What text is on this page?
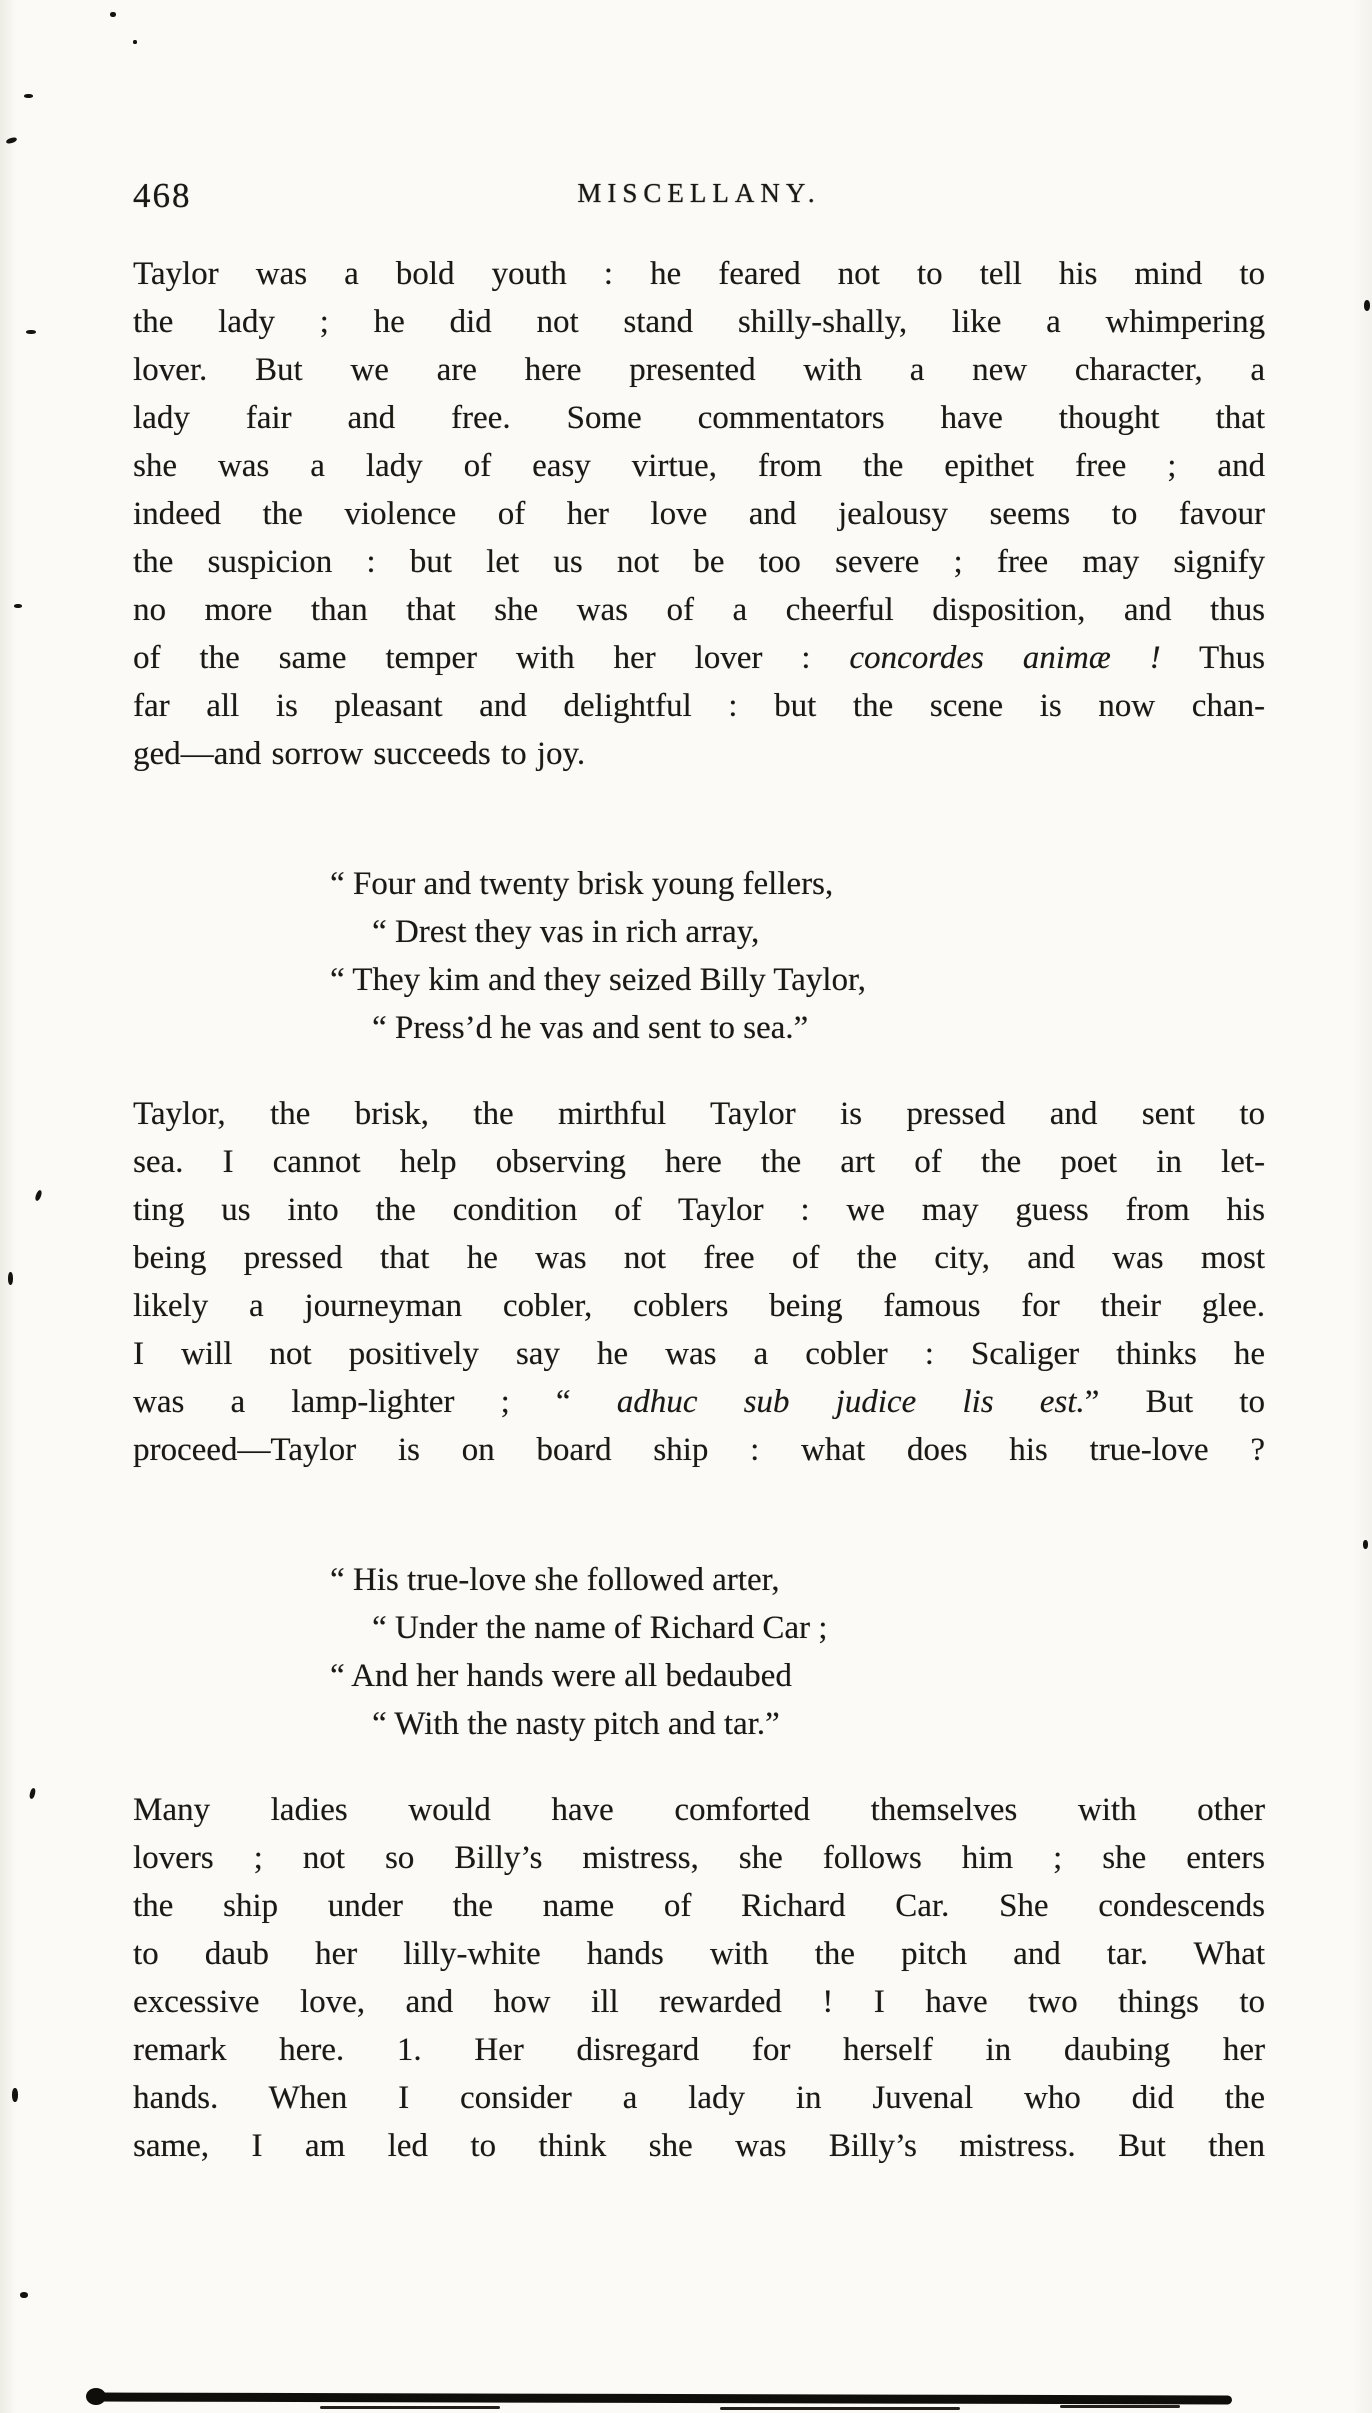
468	MISCELLANY.
Taylor was a bold youth : he feared not to tell his mind to
the lady ; he did not stand shilly-shally, like a whimpering
lover. But we are here presented with a new character, a
lady fair and free. Some commentators have thought that
she was a lady of easy virtue, from the epithet free ; and
indeed the violence of her love and jealousy seems to favour
the suspicion : but let us not be too severe ; free may signify
no more than that she was of a cheerful disposition, and thus
of the same temper with her lover : concordes animæ ! Thus
far all is pleasant and delightful : but the scene is now chan-
ged—and sorrow succeeds to joy.
“ Four and twenty brisk young fellers,
“ Drest they vas in rich array,
“ They kim and they seized Billy Taylor,
“ Press’d he vas and sent to sea.”
Taylor, the brisk, the mirthful Taylor is pressed and sent to
sea. I cannot help observing here the art of the poet in let-
ting us into the condition of Taylor : we may guess from his
being pressed that he was not free of the city, and was most
likely a journeyman cobler, coblers being famous for their glee.
I will not positively say he was a cobler : Scaliger thinks he
was a lamp-lighter ; “ adhuc sub judice lis est.” But to
proceed—Taylor is on board ship : what does his true-love ?
“ His true-love she followed arter,
“ Under the name of Richard Car ;
“ And her hands were all bedaubed
“ With the nasty pitch and tar.”
Many ladies would have comforted themselves with other
lovers ; not so Billy’s mistress, she follows him ; she enters
the ship under the name of Richard Car. She condescends
to daub her lilly-white hands with the pitch and tar. What
excessive love, and how ill rewarded ! I have two things to
remark here. 1. Her disregard for herself in daubing her
hands. When I consider a lady in Juvenal who did the
same, I am led to think she was Billy’s mistress. But then
